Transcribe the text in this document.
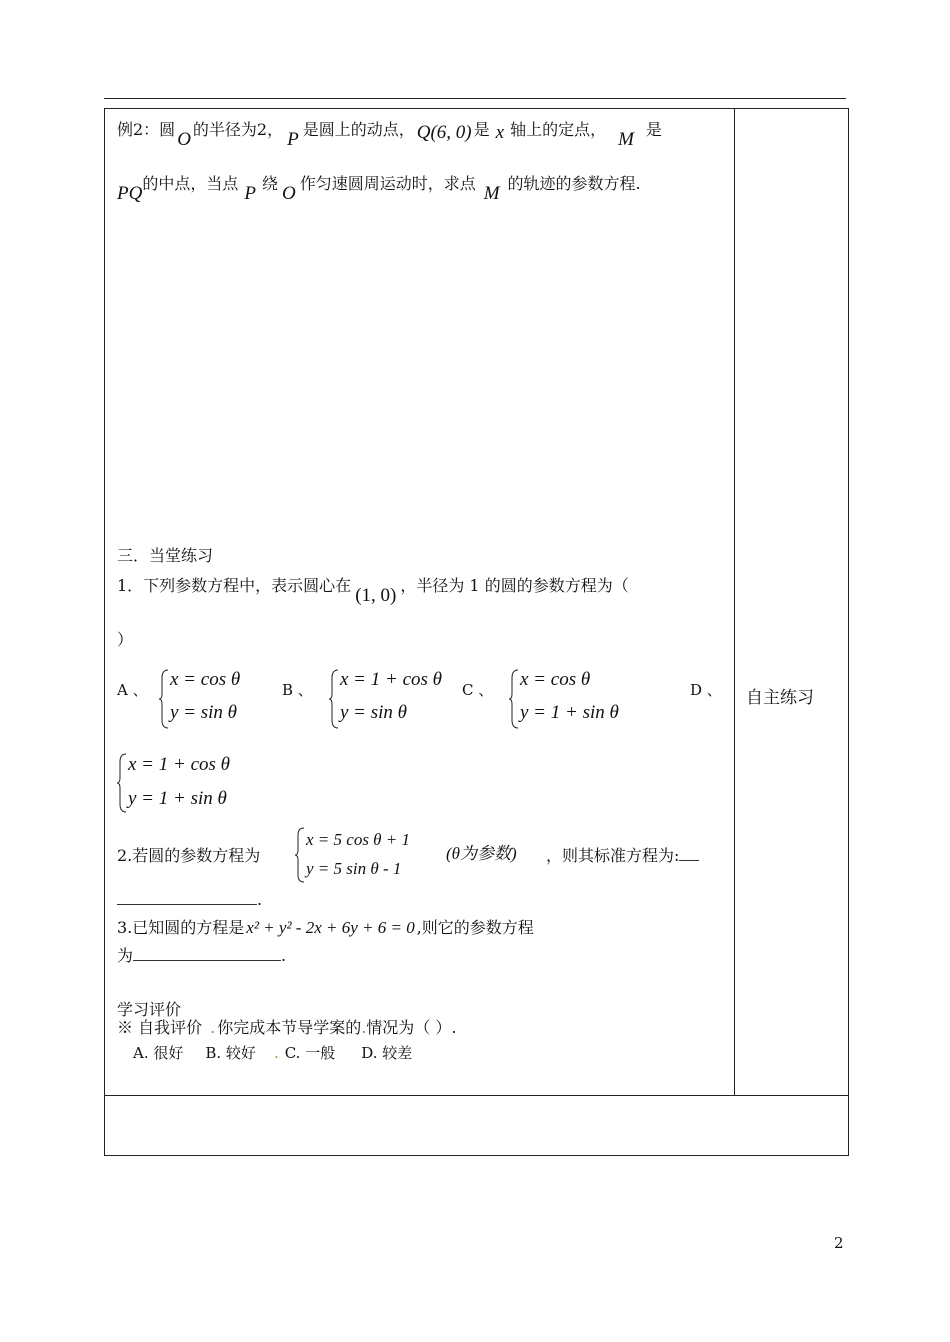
例2：圆 O 的半径为2， P 是圆上的动点， Q(6, 0) 是 x 轴上的定点， M 是
PQ的中点，当点 P 绕 O 作匀速圆周运动时，求点 M 的轨迹的参数方程.
三．当堂练习
1．下列参数方程中，表示圆心在 (1, 0) ，半径为 1 的圆的参数方程为（
）
A 、	B 、	C 、	D 、
x = cos θ
y = sin θ
x = 1 + cos θ
y = sin θ
x = cos θ
y = 1 + sin θ
x = 1 + cos θ
y = 1 + sin θ
2.若圆的参数方程为
x = 5 cos θ + 1
y = 5 sin θ - 1
(θ为参数) ，则其标准方程为:
.
3.已知圆的方程是 x² + y² - 2x + 6y + 6 = 0 ,则它的参数方程
为	.
学习评价
※ 自我评价 . 你完成本节导学案的.情况为（ ）.
A. 很好 B. 较好 . C. 一般 D. 较差
自主练习
2
